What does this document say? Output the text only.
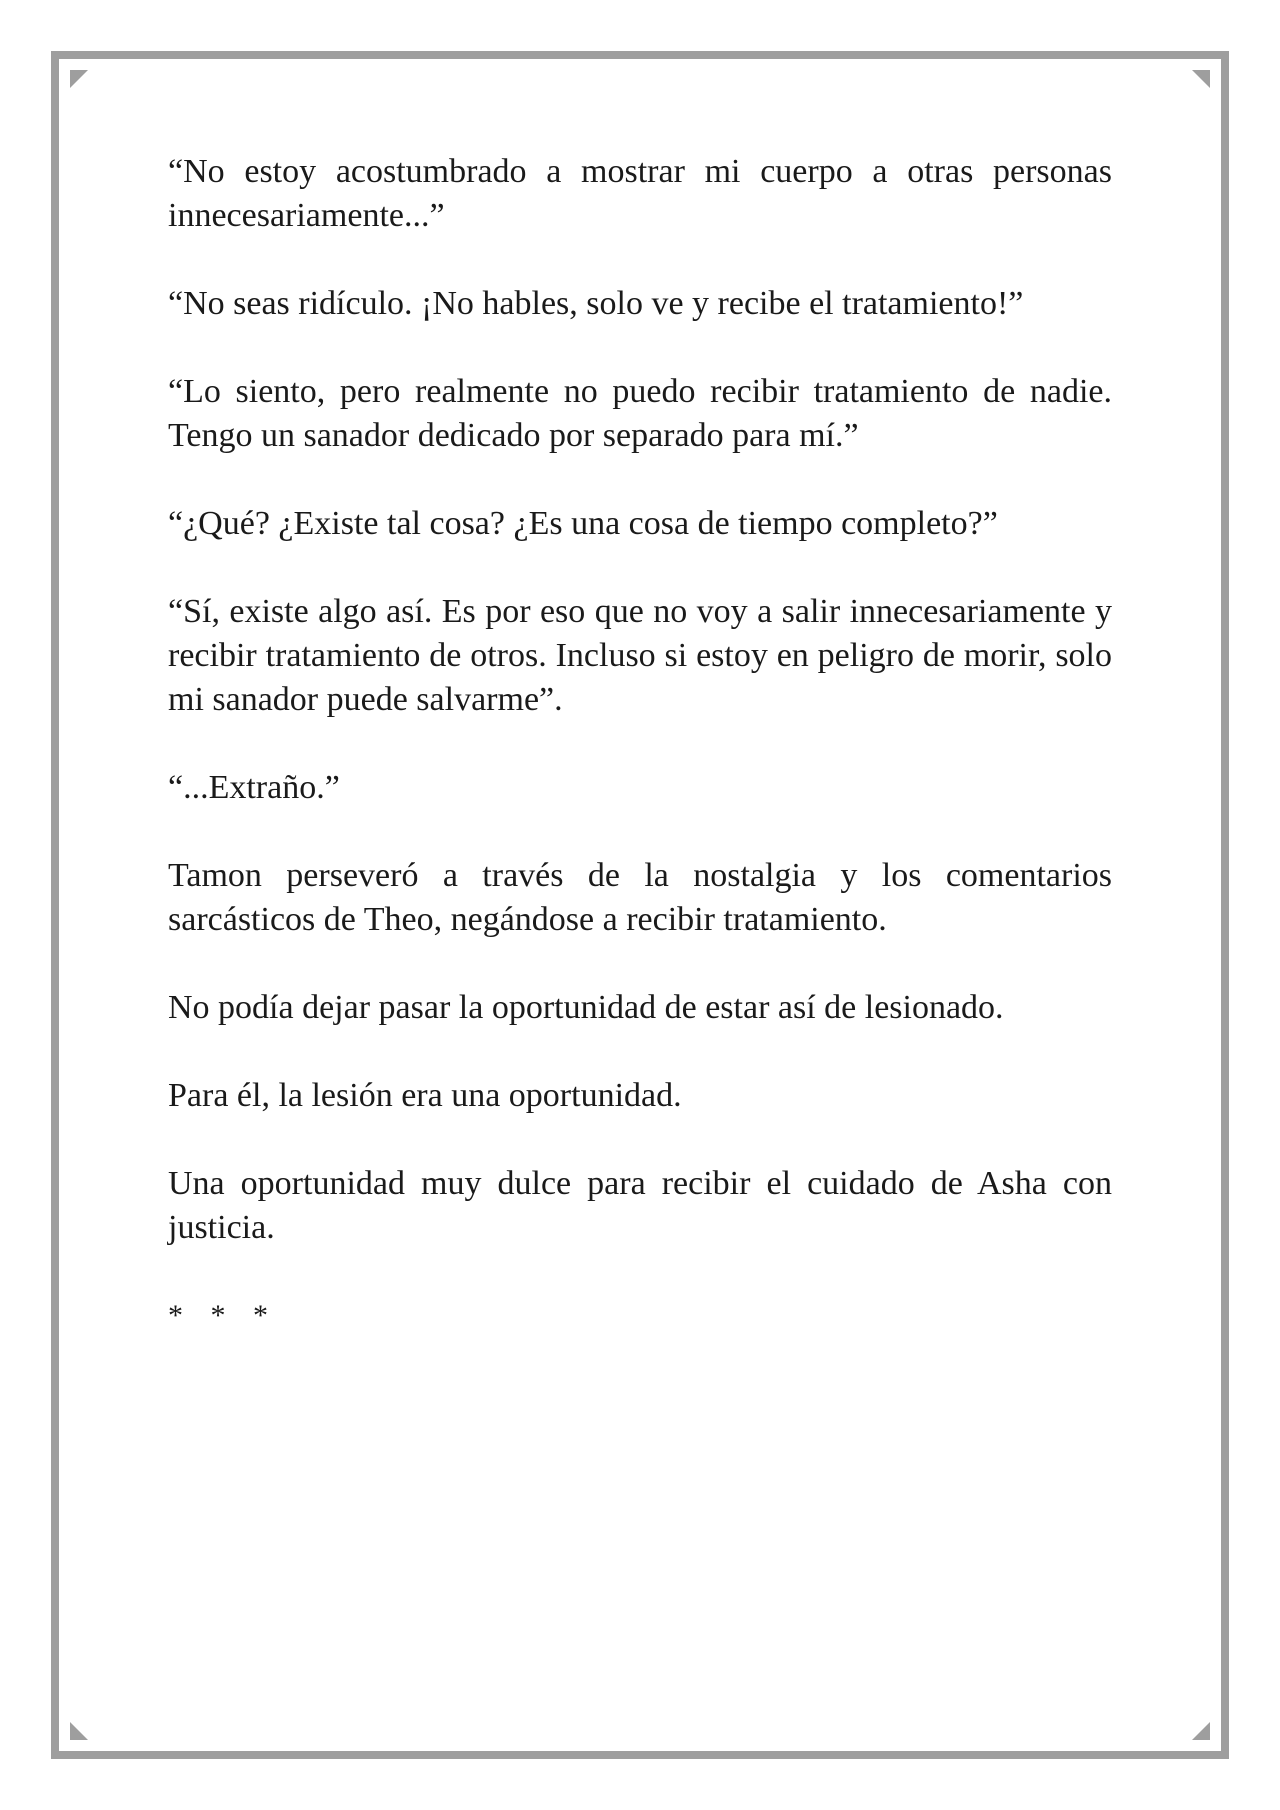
“No estoy acostumbrado a mostrar mi cuerpo a otras personas innecesariamente...”

“No seas ridículo. ¡No hables, solo ve y recibe el tratamiento!”

“Lo siento, pero realmente no puedo recibir tratamiento de nadie. Tengo un sanador dedicado por separado para mí.”

“¿Qué? ¿Existe tal cosa? ¿Es una cosa de tiempo completo?”

“Sí, existe algo así. Es por eso que no voy a salir innecesariamente y recibir tratamiento de otros. Incluso si estoy en peligro de morir, solo mi sanador puede salvarme”.

“...Extraño.”

Tamon perseveró a través de la nostalgia y los comentarios sarcásticos de Theo, negándose a recibir tratamiento.

No podía dejar pasar la oportunidad de estar así de lesionado.

Para él, la lesión era una oportunidad.

Una oportunidad muy dulce para recibir el cuidado de Asha con justicia.

* * *
